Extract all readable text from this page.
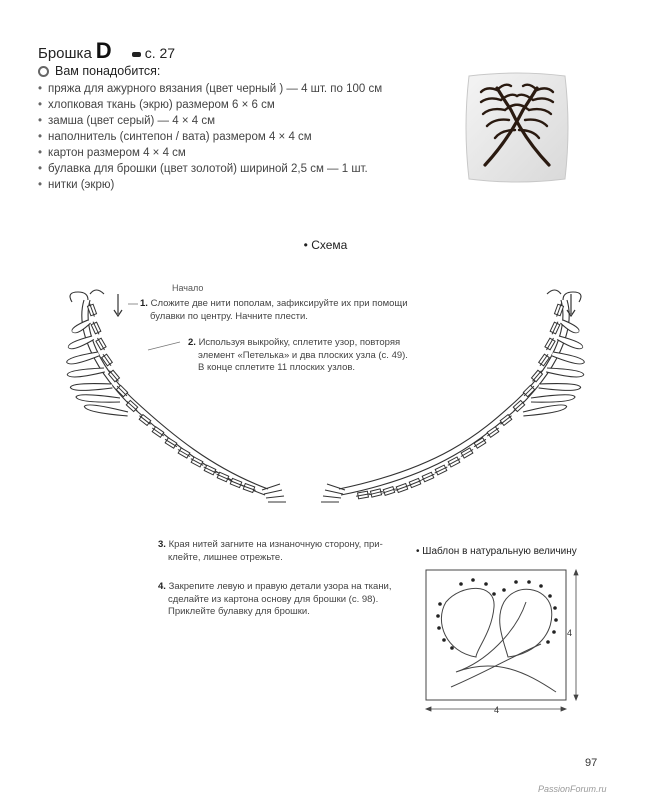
Брошка D с. 27
Вам понадобится:
• пряжа для ажурного вязания (цвет черный ) — 4 шт. по 100 см
• хлопковая ткань (экрю) размером 6 × 6 см
• замша (цвет серый) — 4 × 4 см
• наполнитель (синтепон / вата) размером 4 × 4 см
• картон размером 4 × 4 см
• булавка для брошки (цвет золотой) шириной 2,5 см — 1 шт.
• нитки (экрю)
• Схема
Начало
1. Сложите две нити пополам, зафиксируйте их при помощи
булавки по центру. Начните плести.
2. Используя выкройку, сплетите узор, повторяя
элемент «Петелька» и два плоских узла (с. 49).
В конце сплетите 11 плоских узлов.
3. Края нитей загните на изнаночную сторону, при-
клейте, лишнее отрежьте.
4. Закрепите левую и правую детали узора на ткани,
сделайте из картона основу для брошки (с. 98).
Приклейте булавку для брошки.
• Шаблон в натуральную величину
4
4
97
PassionForum.ru
